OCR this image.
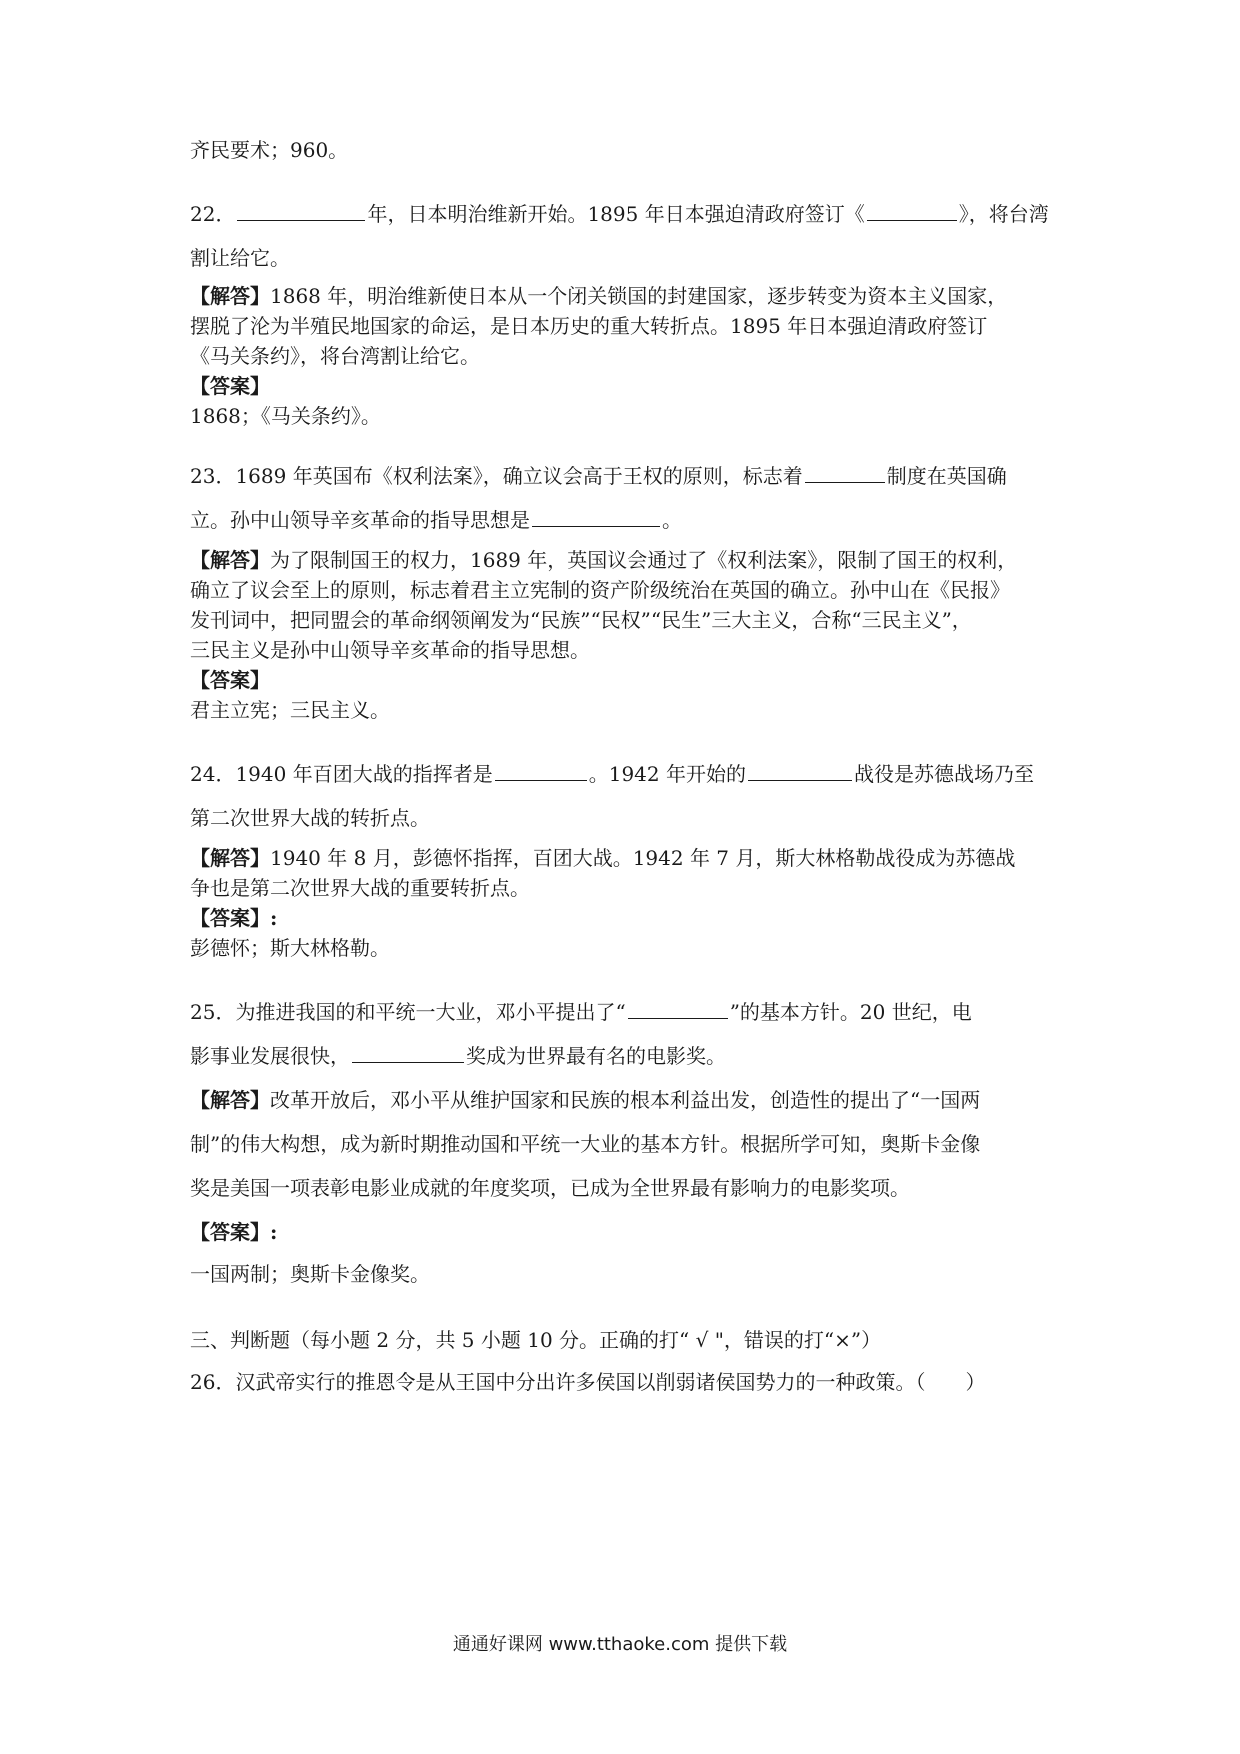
齐民要术；960。
22．	年，日本明治维新开始。1895 年日本强迫清政府签订《	》，将台湾
割让给它。
【解答】1868 年，明治维新使日本从一个闭关锁国的封建国家，逐步转变为资本主义国家，
摆脱了沦为半殖民地国家的命运，是日本历史的重大转折点。1895 年日本强迫清政府签订
《马关条约》，将台湾割让给它。
【答案】
1868；《马关条约》。
23．1689 年英国布《权利法案》，确立议会高于王权的原则，标志着	制度在英国确
立。孙中山领导辛亥革命的指导思想是	。
【解答】为了限制国王的权力，1689 年，英国议会通过了《权利法案》，限制了国王的权利，
确立了议会至上的原则，标志着君主立宪制的资产阶级统治在英国的确立。孙中山在《民报》
发刊词中，把同盟会的革命纲领阐发为“民族”“民权”“民生”三大主义，合称“三民主义”，
三民主义是孙中山领导辛亥革命的指导思想。
【答案】
君主立宪；三民主义。
24．1940 年百团大战的指挥者是	。1942 年开始的	战役是苏德战场乃至
第二次世界大战的转折点。
【解答】1940 年 8 月，彭德怀指挥，百团大战。1942 年 7 月，斯大林格勒战役成为苏德战
争也是第二次世界大战的重要转折点。
【答案】:
彭德怀；斯大林格勒。
25．为推进我国的和平统一大业，邓小平提出了“	”的基本方针。20 世纪，电
影事业发展很快，	奖成为世界最有名的电影奖。
【解答】改革开放后，邓小平从维护国家和民族的根本利益出发，创造性的提出了“一国两
制”的伟大构想，成为新时期推动国和平统一大业的基本方针。根据所学可知，奥斯卡金像
奖是美国一项表彰电影业成就的年度奖项，已成为全世界最有影响力的电影奖项。
【答案】:
一国两制；奥斯卡金像奖。
三、判断题（每小题 2 分，共 5 小题 10 分。正确的打“ √ "，错误的打“×”）
26．汉武帝实行的推恩令是从王国中分出许多侯国以削弱诸侯国势力的一种政策。（　　）
通通好课网 www.tthaoke.com 提供下载
